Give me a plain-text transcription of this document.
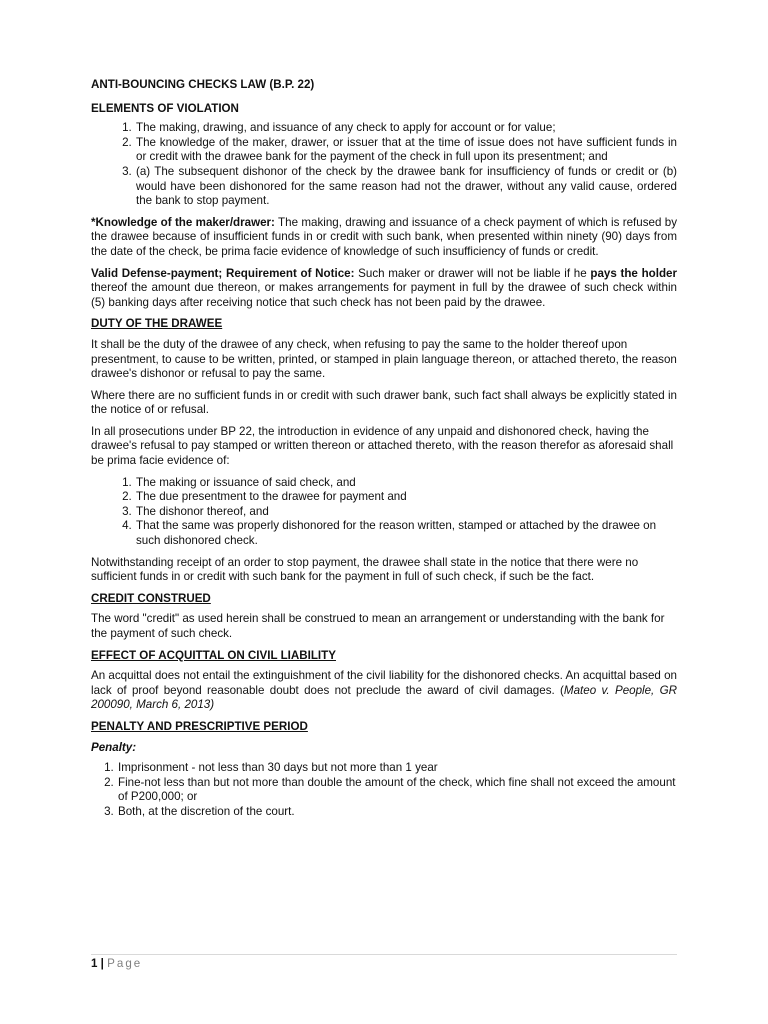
ANTI-BOUNCING CHECKS LAW (B.P. 22)
ELEMENTS OF VIOLATION
1. The making, drawing, and issuance of any check to apply for account or for value;
2. The knowledge of the maker, drawer, or issuer that at the time of issue does not have sufficient funds in or credit with the drawee bank for the payment of the check in full upon its presentment; and
3. (a) The subsequent dishonor of the check by the drawee bank for insufficiency of funds or credit or (b) would have been dishonored for the same reason had not the drawer, without any valid cause, ordered the bank to stop payment.

*Knowledge of the maker/drawer: The making, drawing and issuance of a check payment of which is refused by the drawee because of insufficient funds in or credit with such bank, when presented within ninety (90) days from the date of the check, be prima facie evidence of knowledge of such insufficiency of funds or credit.

Valid Defense-payment; Requirement of Notice: Such maker or drawer will not be liable if he pays the holder thereof the amount due thereon, or makes arrangements for payment in full by the drawee of such check within (5) banking days after receiving notice that such check has not been paid by the drawee.

DUTY OF THE DRAWEE

It shall be the duty of the drawee of any check, when refusing to pay the same to the holder thereof upon presentment, to cause to be written, printed, or stamped in plain language thereon, or attached thereto, the reason drawee's dishonor or refusal to pay the same.

Where there are no sufficient funds in or credit with such drawer bank, such fact shall always be explicitly stated in the notice of or refusal.

In all prosecutions under BP 22, the introduction in evidence of any unpaid and dishonored check, having the drawee's refusal to pay stamped or written thereon or attached thereto, with the reason therefor as aforesaid shall be prima facie evidence of:

1. The making or issuance of said check, and
2. The due presentment to the drawee for payment and
3. The dishonor thereof, and
4. That the same was properly dishonored for the reason written, stamped or attached by the drawee on such dishonored check.

Notwithstanding receipt of an order to stop payment, the drawee shall state in the notice that there were no sufficient funds in or credit with such bank for the payment in full of such check, if such be the fact.

CREDIT CONSTRUED

The word "credit" as used herein shall be construed to mean an arrangement or understanding with the bank for the payment of such check.

EFFECT OF ACQUITTAL ON CIVIL LIABILITY

An acquittal does not entail the extinguishment of the civil liability for the dishonored checks. An acquittal based on lack of proof beyond reasonable doubt does not preclude the award of civil damages. (Mateo v. People, GR 200090, March 6, 2013)

PENALTY AND PRESCRIPTIVE PERIOD

Penalty:

1. Imprisonment - not less than 30 days but not more than 1 year
2. Fine-not less than but not more than double the amount of the check, which fine shall not exceed the amount of P200,000; or
3. Both, at the discretion of the court.
1 | Page
